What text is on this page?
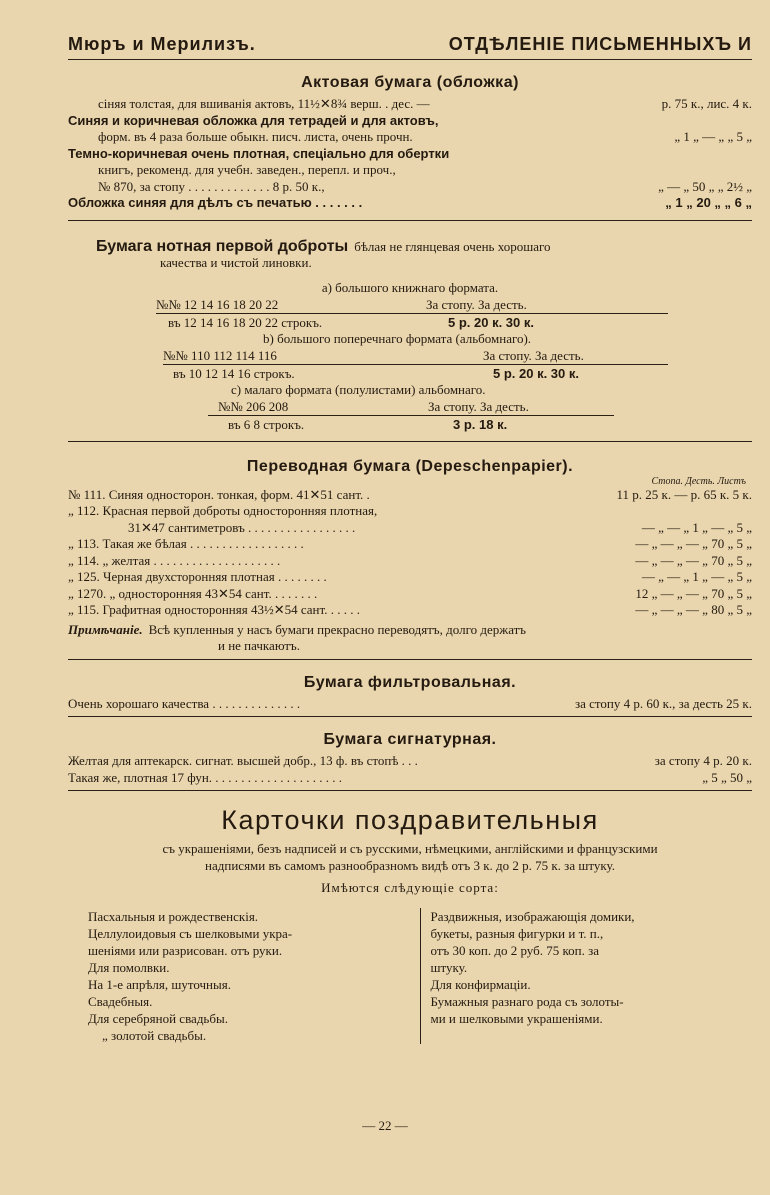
Мюръ и Мерилизъ.	ОТДѢЛЕНІЕ ПИСЬМЕННЫХЪ И
Актовая бумага (обложка)
сiняя толстая, для вшиванія актовъ, 11½✕8¾ верш. . дес. —	р. 75 к., лис. 4 к.
Синяя и коричневая обложка для тетрадей и для актовъ,
форм. въ 4 раза больше обыкн. писч. листа, очень прочн.	„ 1 „ — „ „ 5 „
Темно-коричневая очень плотная, спеціально для обертки
книгъ, рекоменд. для учебн. заведен., перепл. и проч.,
№ 870, за стопу . . . . . . . . . . . . . 8 р. 50 к.,	„ — „ 50 „ „ 2½ „
Обложка синяя для дѣлъ съ печатью . . . . . . .	„ 1 „ 20 „ „ 6 „
Бумага нотная первой доброты бѣлая не глянцевая очень хорошаго
качества и чистой линовки.
а) большого книжнаго формата.
№№ 12 14 16 18 20 22	За стопу. За десть.
въ 12 14 16 18 20 22 строкъ.	5 р. 20 к. 30 к.
b) большого поперечнаго формата (альбомнаго).
№№ 110 112 114 116	За стопу. За десть.
въ 10 12 14 16 строкъ.	5 р. 20 к. 30 к.
с) малаго формата (полулистами) альбомнаго.
№№ 206 208	За стопу. За десть.
въ 6 8 строкъ.	3 р. 18 к.
Переводная бумага (Depeschenpapier).
Стопа. Десть. Листъ
№ 111. Синяя односторон. тонкая, форм. 41✕51 сант. .	11 р. 25 к. — р. 65 к. 5 к.
„ 112. Красная первой доброты односторонняя плотная,
31✕47 сантиметровъ . . . . . . . . . . . . . . . . .	— „ — „ 1 „ — „ 5 „
„ 113. Такая же бѣлая . . . . . . . . . . . . . . . . . .	— „ — „ — „ 70 „ 5 „
„ 114. „ желтая . . . . . . . . . . . . . . . . . . . .	— „ — „ — „ 70 „ 5 „
„ 125. Черная двухсторонняя плотная . . . . . . . .	— „ — „ 1 „ — „ 5 „
„ 1270. „ односторонняя 43✕54 сант. . . . . . . .	12 „ — „ — „ 70 „ 5 „
„ 115. Графитная односторонняя 43½✕54 сант. . . . . .	— „ — „ — „ 80 „ 5 „
Примѣчаніе. Всѣ купленныя у насъ бумаги прекрасно переводятъ, долго держатъ
и не пачкаютъ.
Бумага фильтровальная.
Очень хорошаго качества . . . . . . . . . . . . . .	за стопу 4 р. 60 к., за десть 25 к.
Бумага сигнатурная.
Желтая для аптекарск. сигнат. высшей добр., 13 ф. въ стопѣ . . .	за стопу 4 р. 20 к.
Такая же, плотная 17 фун. . . . . . . . . . . . . . . . . . . . .	„ 5 „ 50 „
Карточки поздравительныя
съ украшеніями, безъ надписей и съ русскими, нѣмецкими, англійскими и французскими
надписями въ самомъ разнообразномъ видѣ отъ 3 к. до 2 р. 75 к. за штуку.
Имѣются слѣдующіе сорта:
Пасхальныя и рождественскія.
Целлулоидовыя съ шелковыми укра-
шеніями или разрисован. отъ руки.
Для помолвки.
На 1-е апрѣля, шуточныя.
Свадебныя.
Для серебряной свадьбы.
„ золотой свадьбы.
Раздвижныя, изображающія домики,
букеты, разныя фигурки и т. п.,
отъ 30 коп. до 2 руб. 75 коп. за
штуку.
Для конфирмаціи.
Бумажныя разнаго рода съ золоты-
ми и шелковыми украшеніями.
— 22 —
